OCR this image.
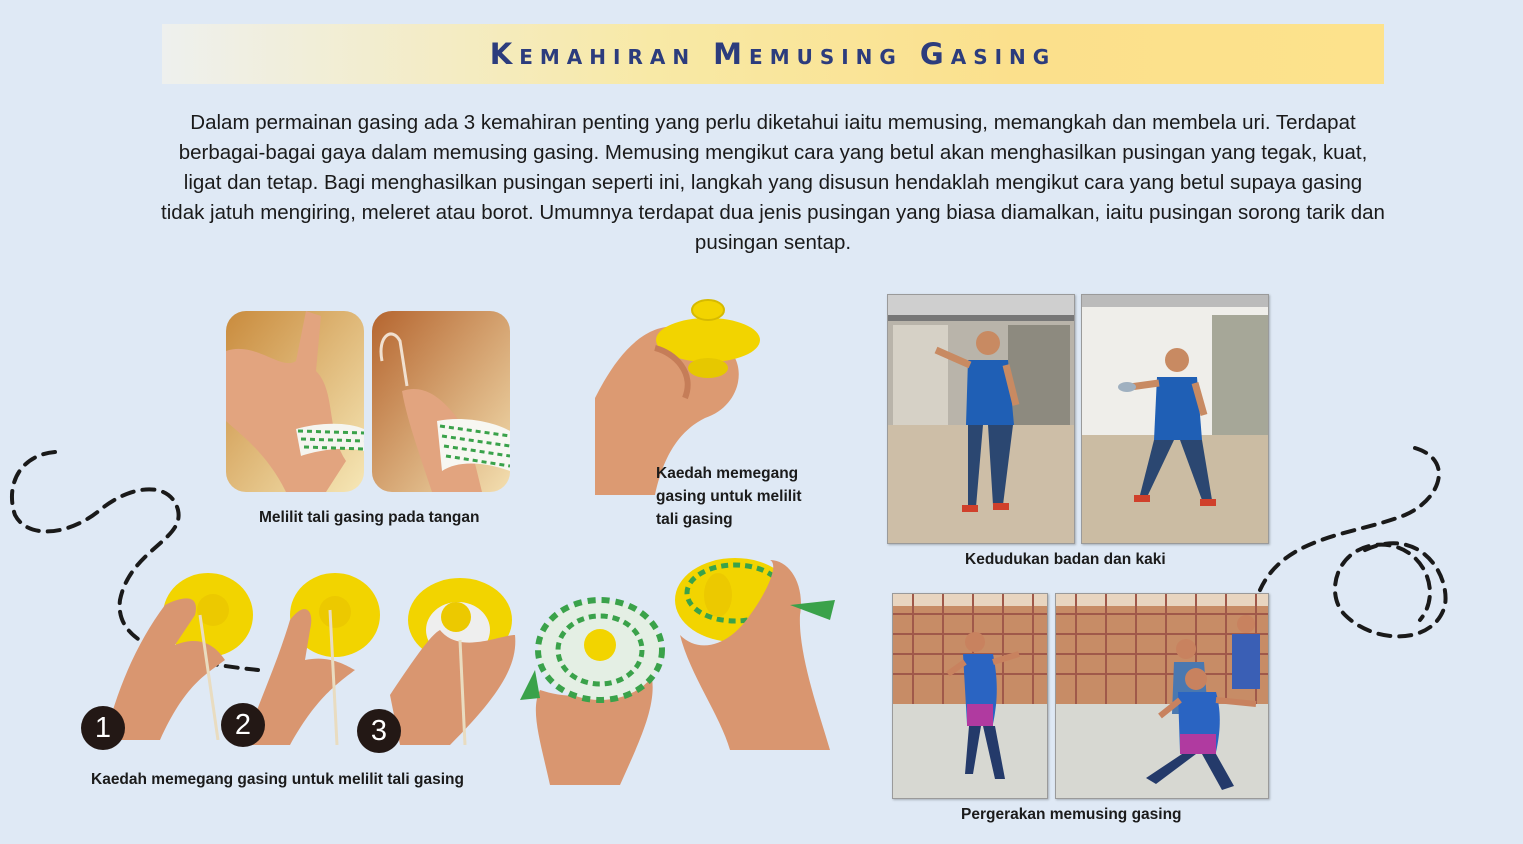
Kemahiran Memusing Gasing
Dalam permainan gasing ada 3 kemahiran penting yang perlu diketahui iaitu memusing, memangkah dan membela uri. Terdapat berbagai-bagai gaya dalam memusing gasing. Memusing mengikut cara yang betul akan menghasilkan pusingan yang tegak, kuat, ligat dan tetap. Bagi menghasilkan pusingan seperti ini, langkah yang disusun hendaklah mengikut cara yang betul supaya gasing tidak jatuh mengiring, meleret atau borot. Umumnya terdapat dua jenis pusingan yang biasa diamalkan, iaitu pusingan sorong tarik dan pusingan sentap.
Melilit tali gasing pada tangan
Kaedah memegang
gasing untuk melilit
tali gasing
1	2	3
Kaedah memegang gasing untuk melilit tali gasing
Kedudukan badan dan kaki
Pergerakan memusing gasing
